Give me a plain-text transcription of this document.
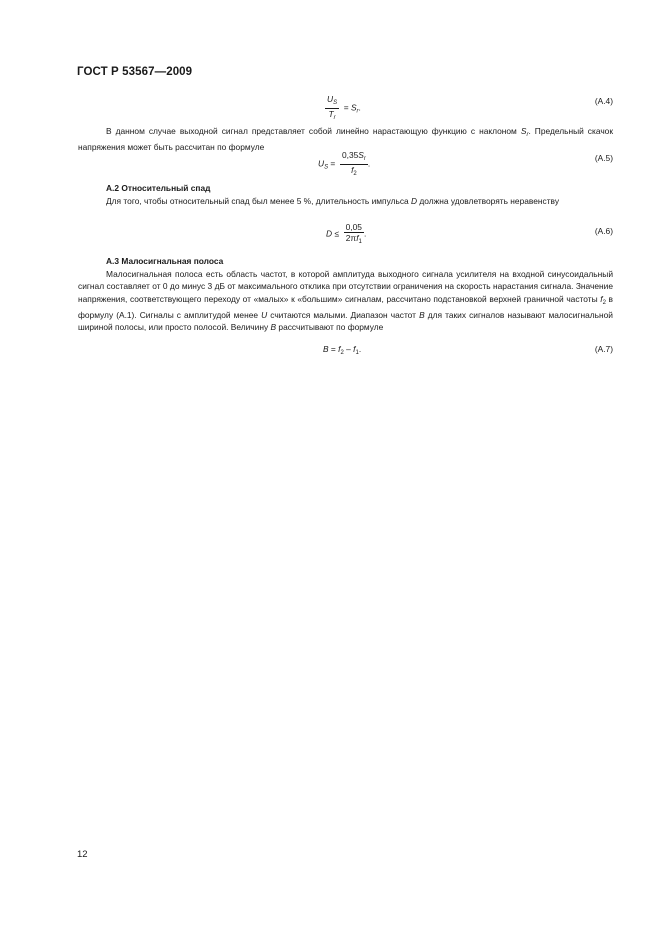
ГОСТ Р 53567—2009
$\frac{U_S}{T_r} = S_r$.
(А.4)
В данном случае выходной сигнал представляет собой линейно нарастающую функцию с наклоном $S_r$. Предельный скачок напряжения может быть рассчитан по формуле
$U_S = \frac{0,35S_r}{f_2}$ .
(А.5)
А.2 Относительный спад
Для того, чтобы относительный спад был менее 5 %, длительность импульса D должна удовлетворять неравенству
$D \le \frac{0,05}{2\pi f_1}$ .	(А.6)
А.3 Малосигнальная полоса
Малосигнальная полоса есть область частот, в которой амплитуда выходного сигнала усилителя на входной синусоидальный сигнал составляет от 0 до минус 3 дБ от максимального отклика при отсутствии ограничения на скорость нарастания сигнала. Значение напряжения, соответствующего переходу от «малых» к «большим» сигналам, рассчитано подстановкой верхней граничной частоты $f_2$ в формулу (А.1). Сигналы с амплитудой менее U считаются малыми. Диапазон частот B для таких сигналов называют малосигнальной шириной полосы, или просто полосой. Величину B рассчитывают по формуле
$B = f_2 - f_1$.	(А.7)
12
